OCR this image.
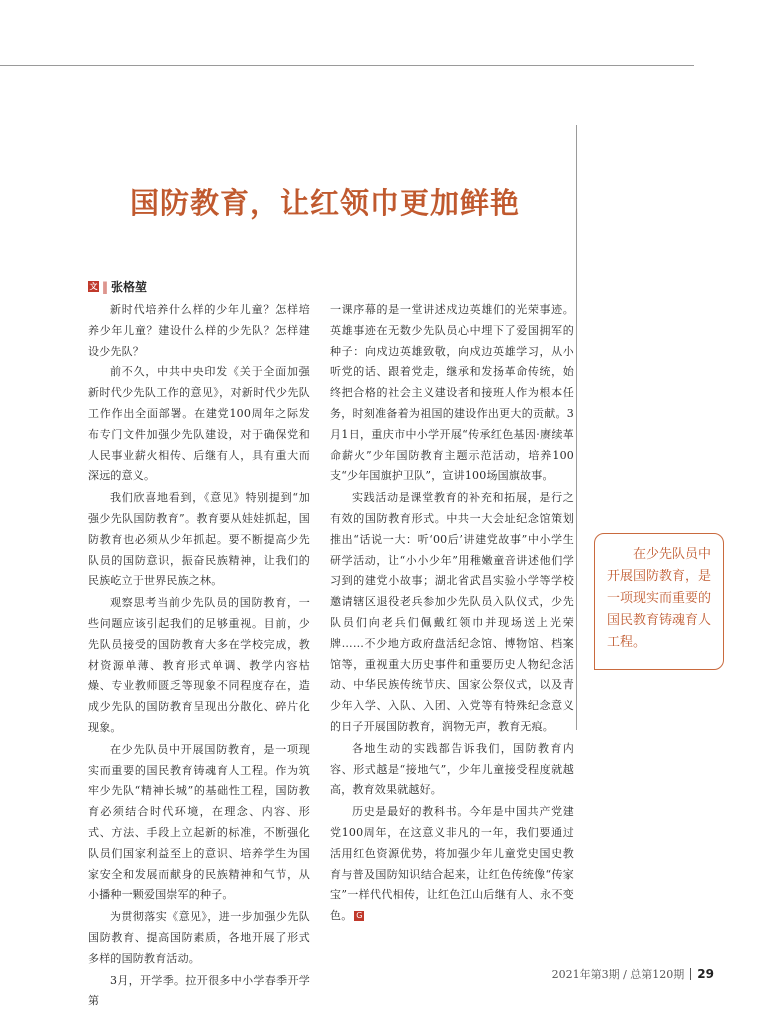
国防教育，让红领巾更加鲜艳
文 ‖ 张格堃

新时代培养什么样的少年儿童？怎样培养少年儿童？建设什么样的少先队？怎样建设少先队？

前不久，中共中央印发《关于全面加强新时代少先队工作的意见》，对新时代少先队工作作出全面部署。在建党100周年之际发布专门文件加强少先队建设，对于确保党和人民事业薪火相传、后继有人，具有重大而深远的意义。

我们欣喜地看到，《意见》特别提到“加强少先队国防教育”。教育要从娃娃抓起，国防教育也必须从少年抓起。要不断提高少先队员的国防意识，振奋民族精神，让我们的民族屹立于世界民族之林。

观察思考当前少先队员的国防教育，一些问题应该引起我们的足够重视。目前，少先队员接受的国防教育大多在学校完成，教材资源单薄、教育形式单调、教学内容枯燥、专业教师匮乏等现象不同程度存在，造成少先队的国防教育呈现出分散化、碎片化现象。

在少先队员中开展国防教育，是一项现实而重要的国民教育铸魂育人工程。作为筑牢少先队“精神长城”的基础性工程，国防教育必须结合时代环境，在理念、内容、形式、方法、手段上立起新的标准，不断强化队员们国家利益至上的意识、培养学生为国家安全和发展而献身的民族精神和气节，从小播种一颗爱国崇军的种子。

为贯彻落实《意见》，进一步加强少先队国防教育、提高国防素质，各地开展了形式多样的国防教育活动。

3月，开学季。拉开很多中小学春季开学第

一课序幕的是一堂讲述戍边英雄们的光荣事迹。英雄事迹在无数少先队员心中埋下了爱国拥军的种子：向戍边英雄致敬，向戍边英雄学习，从小听党的话、跟着党走，继承和发扬革命传统，始终把合格的社会主义建设者和接班人作为根本任务，时刻准备着为祖国的建设作出更大的贡献。3月1日，重庆市中小学开展“传承红色基因·赓续革命薪火”少年国防教育主题示范活动，培养100支“少年国旗护卫队”，宣讲100场国旗故事。

实践活动是课堂教育的补充和拓展，是行之有效的国防教育形式。中共一大会址纪念馆策划推出“话说一大：听‘00后’讲建党故事”中小学生研学活动，让“小小少年”用稚嫩童音讲述他们学习到的建党小故事；湖北省武昌实验小学等学校邀请辖区退役老兵参加少先队员入队仪式，少先队员们向老兵们佩戴红领巾并现场送上光荣牌……不少地方政府盘活纪念馆、博物馆、档案馆等，重视重大历史事件和重要历史人物纪念活动、中华民族传统节庆、国家公祭仪式，以及青少年入学、入队、入团、入党等有特殊纪念意义的日子开展国防教育，润物无声，教育无痕。

各地生动的实践都告诉我们，国防教育内容、形式越是“接地气”，少年儿童接受程度就越高，教育效果就越好。

历史是最好的教科书。今年是中国共产党建党100周年，在这意义非凡的一年，我们要通过活用红色资源优势，将加强少年儿童党史国史教育与普及国防知识结合起来，让红色传统像“传家宝”一样代代相传，让红色江山后继有人、永不变色。 G

在少先队员中开展国防教育，是一项现实而重要的国民教育铸魂育人工程。
2021年第3期 / 总第120期 29
